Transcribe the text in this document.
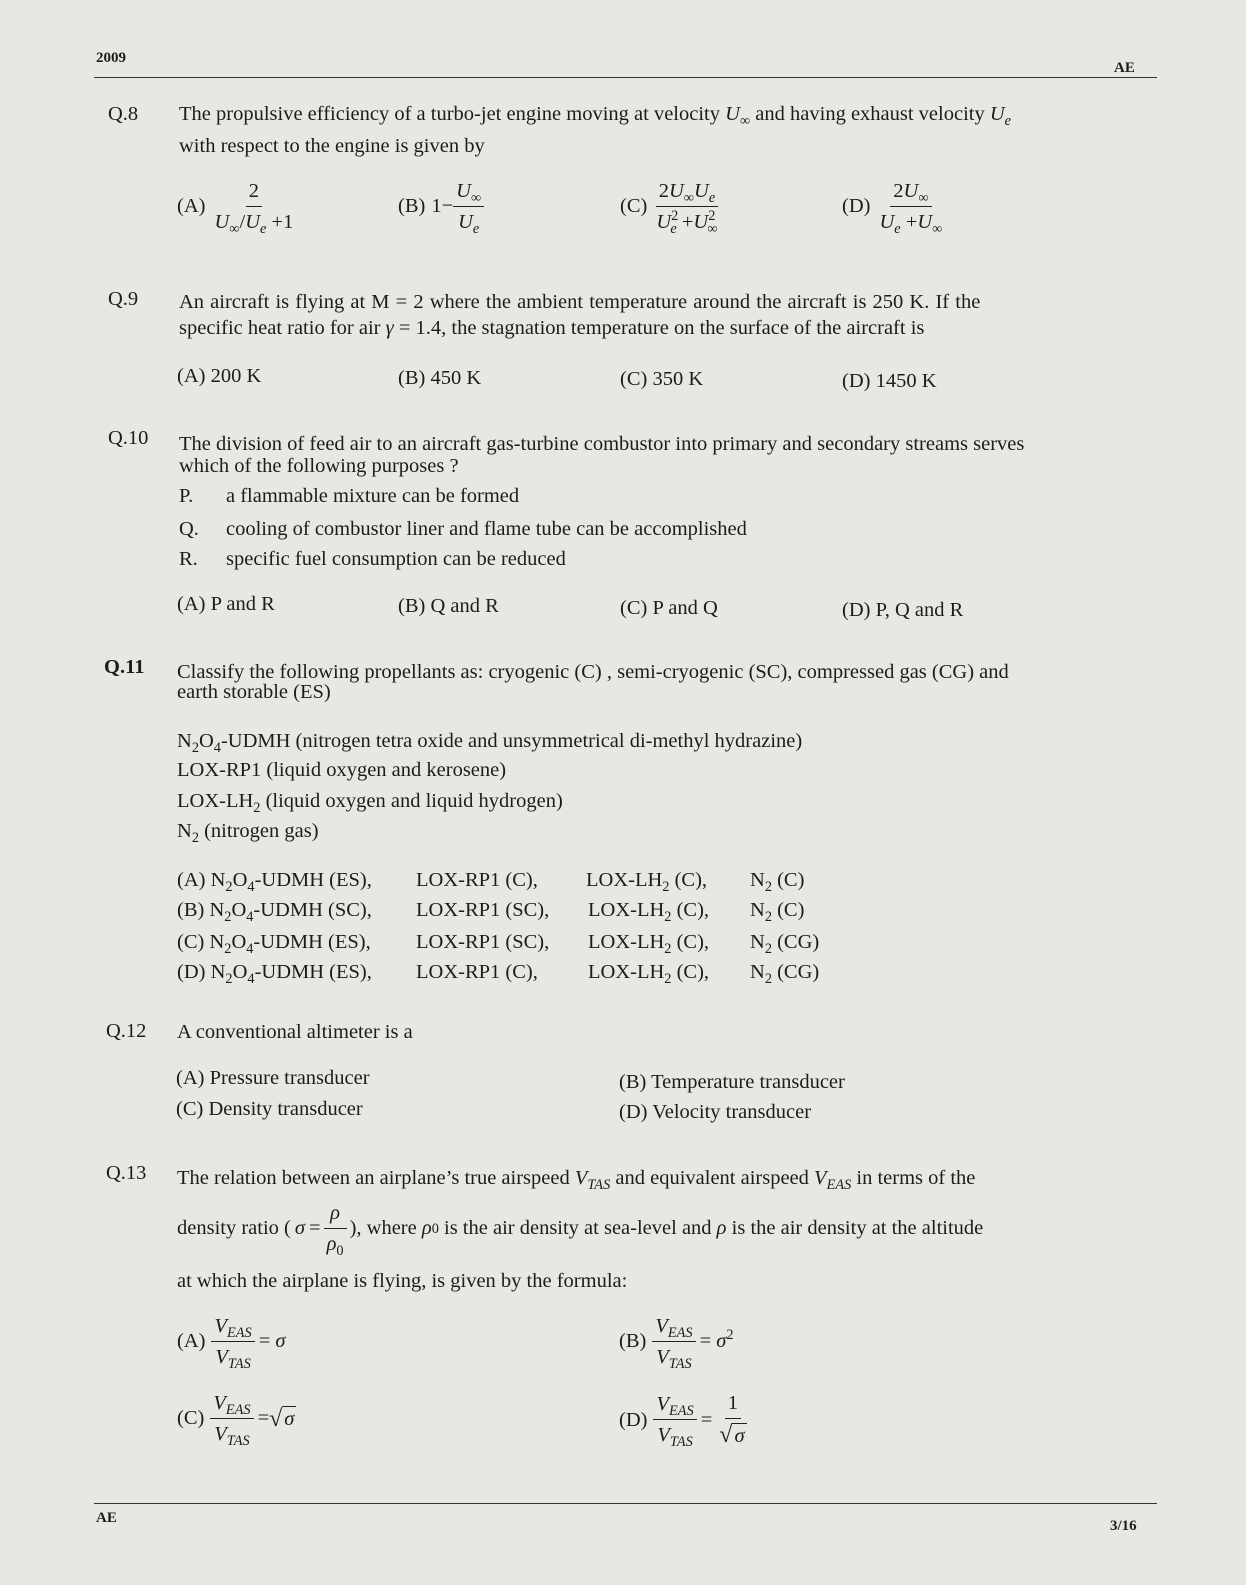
2009
AE
Q.8 The propulsive efficiency of a turbo-jet engine moving at velocity $U_\infty$ and having exhaust velocity $U_e$
with respect to the engine is given by
$(A) \frac{2}{U_\infty/U_e +1}$	(B) $1- \frac{U_\infty}{U_e}$	$(C) \frac{2U_\infty U_e}{U^2_e +U^2_\infty}$	$(D) \frac{2U_\infty}{U_e +U_\infty}$
Q.9 An aircraft is flying at M = 2 where the ambient temperature around the aircraft is 250 K. If the
specific heat ratio for air γ = 1.4, the stagnation temperature on the surface of the aircraft is
(A) 200 K	(B) 450 K	(C) 350 K	(D) 1450 K
Q.10 The division of feed air to an aircraft gas-turbine combustor into primary and secondary streams serves
which of the following purposes ?
P. a flammable mixture can be formed
Q. cooling of combustor liner and flame tube can be accomplished
R. specific fuel consumption can be reduced
(A) P and R	(B) Q and R	(C) P and Q	(D) P, Q and R
Q.11 Classify the following propellants as: cryogenic (C) , semi-cryogenic (SC), compressed gas (CG) and
earth storable (ES)
$N_2O_4$-UDMH (nitrogen tetra oxide and unsymmetrical di-methyl hydrazine)
LOX-RP1 (liquid oxygen and kerosene)
LOX-$LH_2$ (liquid oxygen and liquid hydrogen)
$N_2$ (nitrogen gas)
(A) $N_2O_4$-UDMH (ES), LOX-RP1 (C), LOX-$LH_2$ (C), $N_2$ (C)
(B) $N_2O_4$-UDMH (SC), LOX-RP1 (SC), LOX-$LH_2$ (C), $N_2$ (C)
(C) $N_2O_4$-UDMH (ES), LOX-RP1 (SC), LOX-$LH_2$ (C), $N_2$ (CG)
(D) $N_2O_4$-UDMH (ES), LOX-RP1 (C), LOX-$LH_2$ (C), $N_2$ (CG)
Q.12 A conventional altimeter is a
(A) Pressure transducer	(B) Temperature transducer
(C) Density transducer	(D) Velocity transducer
Q.13 The relation between an airplane’s true airspeed $V_{TAS}$ and equivalent airspeed $V_{EAS}$ in terms of the
density ratio ( $\sigma = \frac{\rho}{\rho_0}$ ), where
ρ 0
is the air density at sea-level and
ρ
is the air density at the altitude
at which the airplane is flying, is given by the formula:
$(A) \frac{V_{EAS}}{V_{TAS}} = \sigma$	$(B) \frac{V_{EAS}}{V_{TAS}} = \sigma^2$
$(C) \frac{V_{EAS}}{V_{TAS}}$ = √ σ	$(D) \frac{V_{EAS}}{V_{TAS}} = \frac{1}{√ \sigma}$
AE	3/16
